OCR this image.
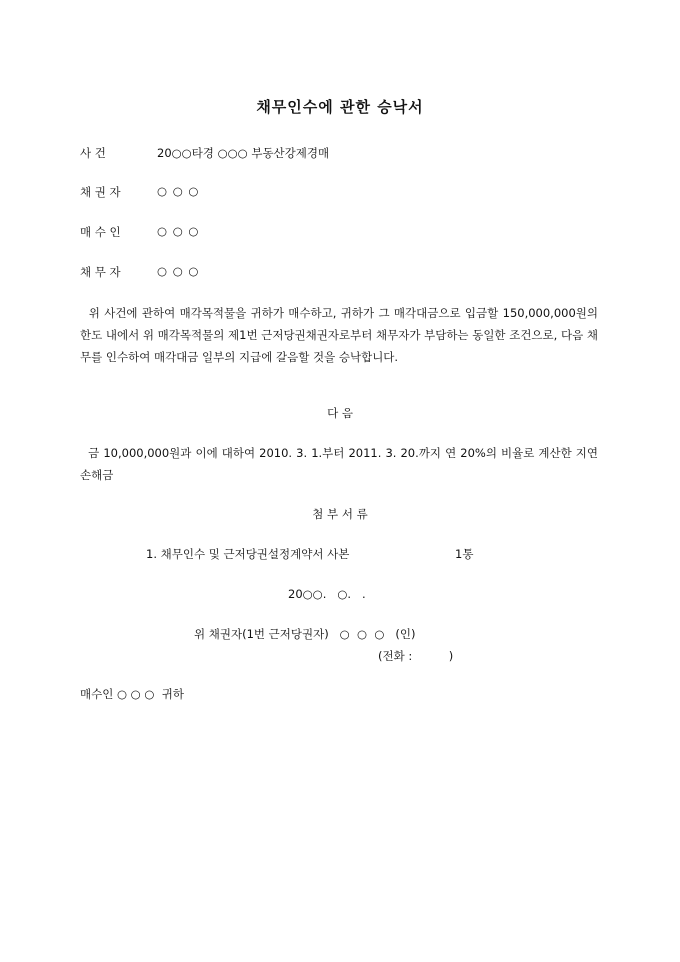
채무인수에 관한 승낙서
사 건	20○○타경 ○○○ 부동산강제경매
채 권 자	○ ○ ○
매 수 인	○ ○ ○
채 무 자	○ ○ ○
위 사건에 관하여 매각목적물을 귀하가 매수하고, 귀하가 그 매각대금으로 입금할 150,000,000원의 한도 내에서 위 매각목적물의 제1번 근저당권채권자로부터 채무자가 부담하는 동일한 조건으로, 다음 채무를 인수하여 매각대금 일부의 지급에 갈음할 것을 승낙합니다.
다 음
금 10,000,000원과 이에 대하여 2010. 3. 1.부터 2011. 3. 20.까지 연 20%의 비율로 계산한 지연손해금
첨 부 서 류
1. 채무인수 및 근저당권설정계약서 사본	1통
20○○.   ○.   .
위 채권자(1번 근저당권자)   ○  ○  ○   (인)
(전화 :          )
매수인 ○ ○ ○  귀하
